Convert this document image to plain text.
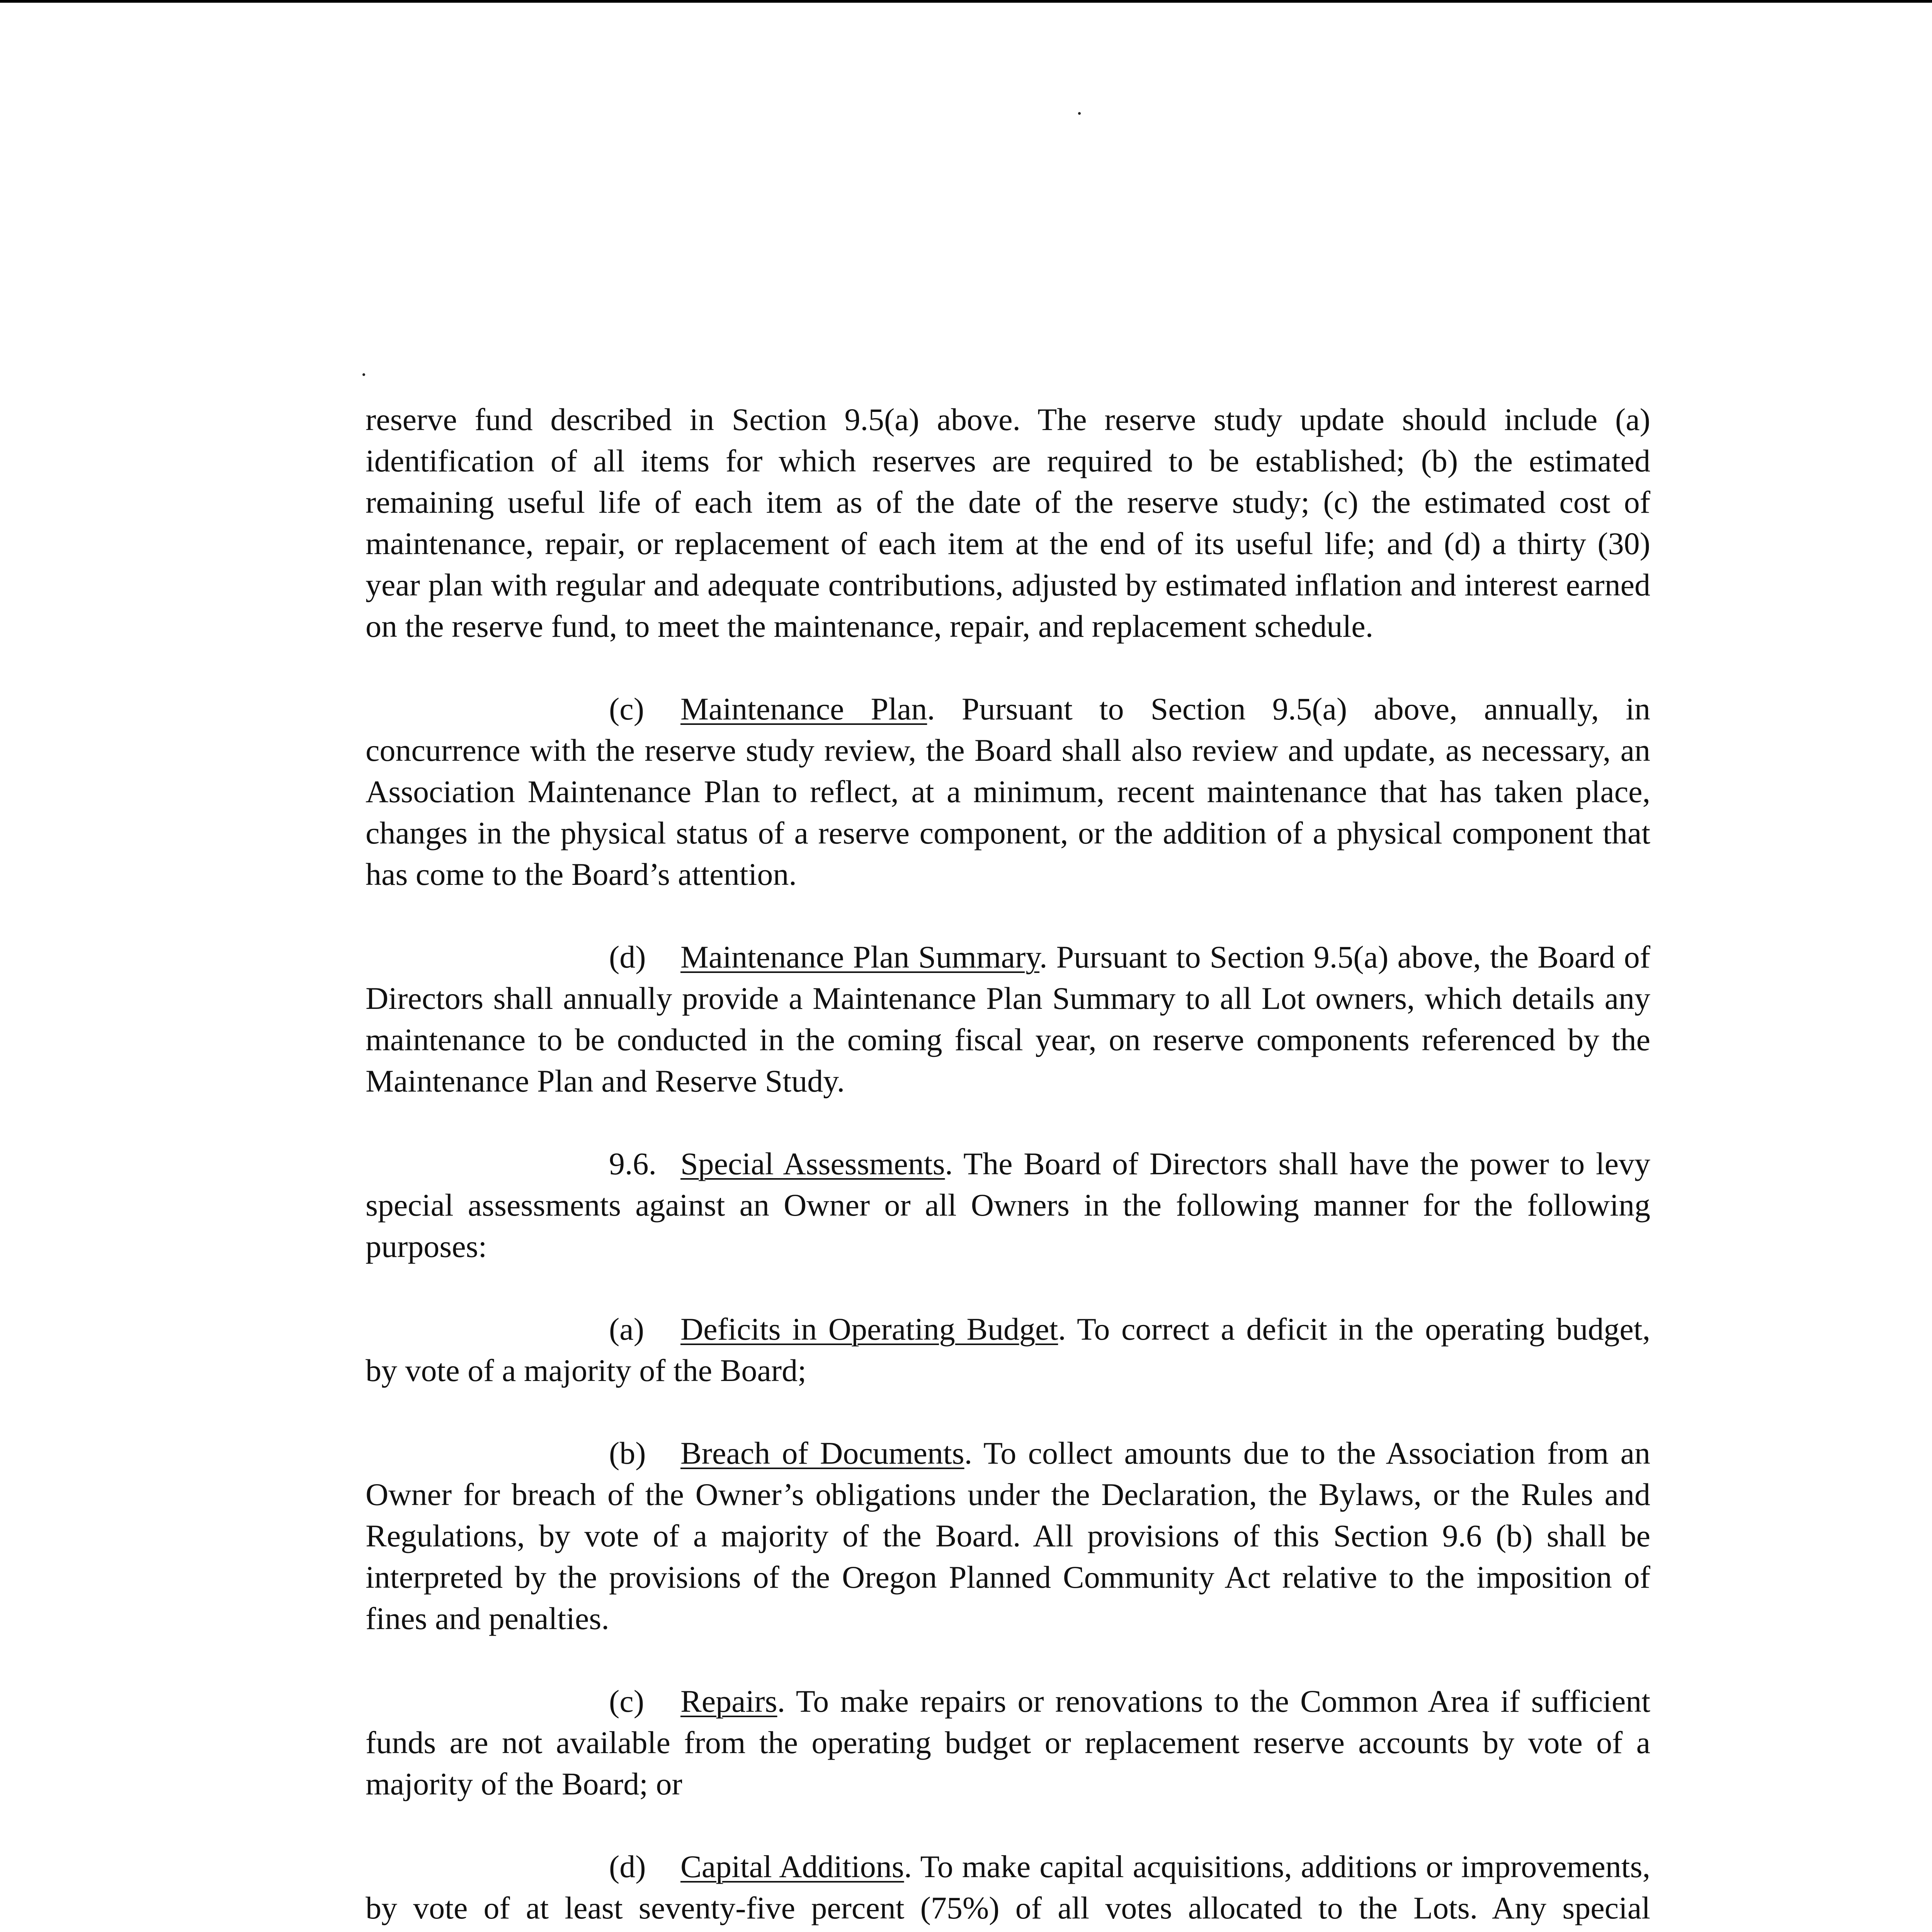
reserve fund described in Section 9.5(a) above. The reserve study update should include (a) identification of all items for which reserves are required to be established; (b) the estimated remaining useful life of each item as of the date of the reserve study; (c) the estimated cost of maintenance, repair, or replacement of each item at the end of its useful life; and (d) a thirty (30) year plan with regular and adequate contributions, adjusted by estimated inflation and interest earned on the reserve fund, to meet the maintenance, repair, and replacement schedule.

(c) Maintenance Plan. Pursuant to Section 9.5(a) above, annually, in concurrence with the reserve study review, the Board shall also review and update, as necessary, an Association Maintenance Plan to reflect, at a minimum, recent maintenance that has taken place, changes in the physical status of a reserve component, or the addition of a physical component that has come to the Board’s attention.

(d) Maintenance Plan Summary. Pursuant to Section 9.5(a) above, the Board of Directors shall annually provide a Maintenance Plan Summary to all Lot owners, which details any maintenance to be conducted in the coming fiscal year, on reserve components referenced by the Maintenance Plan and Reserve Study.

9.6. Special Assessments. The Board of Directors shall have the power to levy special assessments against an Owner or all Owners in the following manner for the following purposes:

(a) Deficits in Operating Budget. To correct a deficit in the operating budget, by vote of a majority of the Board;

(b) Breach of Documents. To collect amounts due to the Association from an Owner for breach of the Owner’s obligations under the Declaration, the Bylaws, or the Rules and Regulations, by vote of a majority of the Board. All provisions of this Section 9.6 (b) shall be interpreted by the provisions of the Oregon Planned Community Act relative to the imposition of fines and penalties.

(c) Repairs. To make repairs or renovations to the Common Area if sufficient funds are not available from the operating budget or replacement reserve accounts by vote of a majority of the Board; or

(d) Capital Additions. To make capital acquisitions, additions or improvements, by vote of at least seventy-five percent (75%) of all votes allocated to the Lots. Any special
